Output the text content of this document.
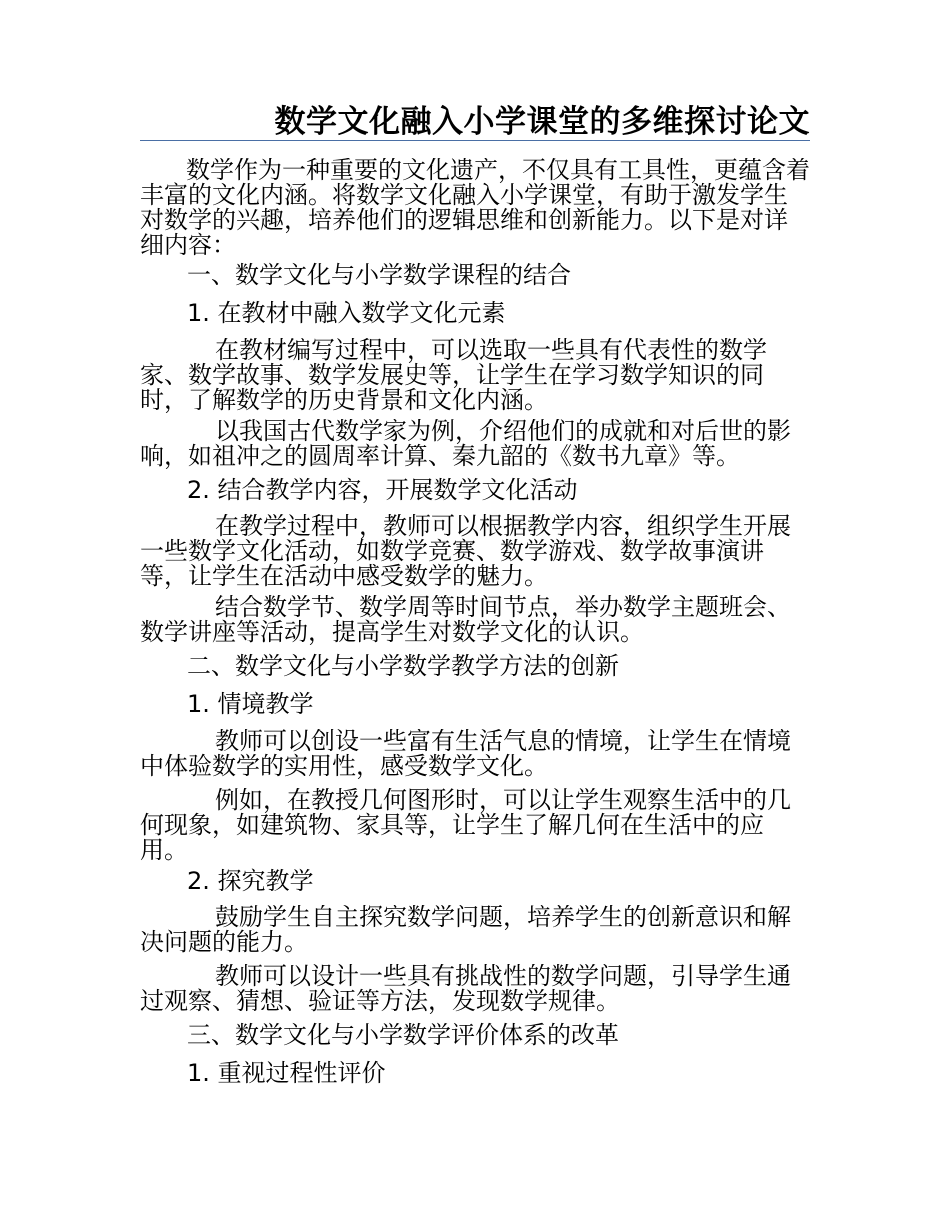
数学文化融入小学课堂的多维探讨论文
数学作为一种重要的文化遗产，不仅具有工具性，更蕴含着丰富的文化内涵。将数学文化融入小学课堂，有助于激发学生对数学的兴趣，培养他们的逻辑思维和创新能力。以下是对详细内容：
一、数学文化与小学数学课程的结合
1. 在教材中融入数学文化元素
在教材编写过程中，可以选取一些具有代表性的数学家、数学故事、数学发展史等，让学生在学习数学知识的同时，了解数学的历史背景和文化内涵。
以我国古代数学家为例，介绍他们的成就和对后世的影响，如祖冲之的圆周率计算、秦九韶的《数书九章》等。
2. 结合教学内容，开展数学文化活动
在教学过程中，教师可以根据教学内容，组织学生开展一些数学文化活动，如数学竞赛、数学游戏、数学故事演讲等，让学生在活动中感受数学的魅力。
结合数学节、数学周等时间节点，举办数学主题班会、数学讲座等活动，提高学生对数学文化的认识。
二、数学文化与小学数学教学方法的创新
1. 情境教学
教师可以创设一些富有生活气息的情境，让学生在情境中体验数学的实用性，感受数学文化。
例如，在教授几何图形时，可以让学生观察生活中的几何现象，如建筑物、家具等，让学生了解几何在生活中的应用。
2. 探究教学
鼓励学生自主探究数学问题，培养学生的创新意识和解决问题的能力。
教师可以设计一些具有挑战性的数学问题，引导学生通过观察、猜想、验证等方法，发现数学规律。
三、数学文化与小学数学评价体系的改革
1. 重视过程性评价
